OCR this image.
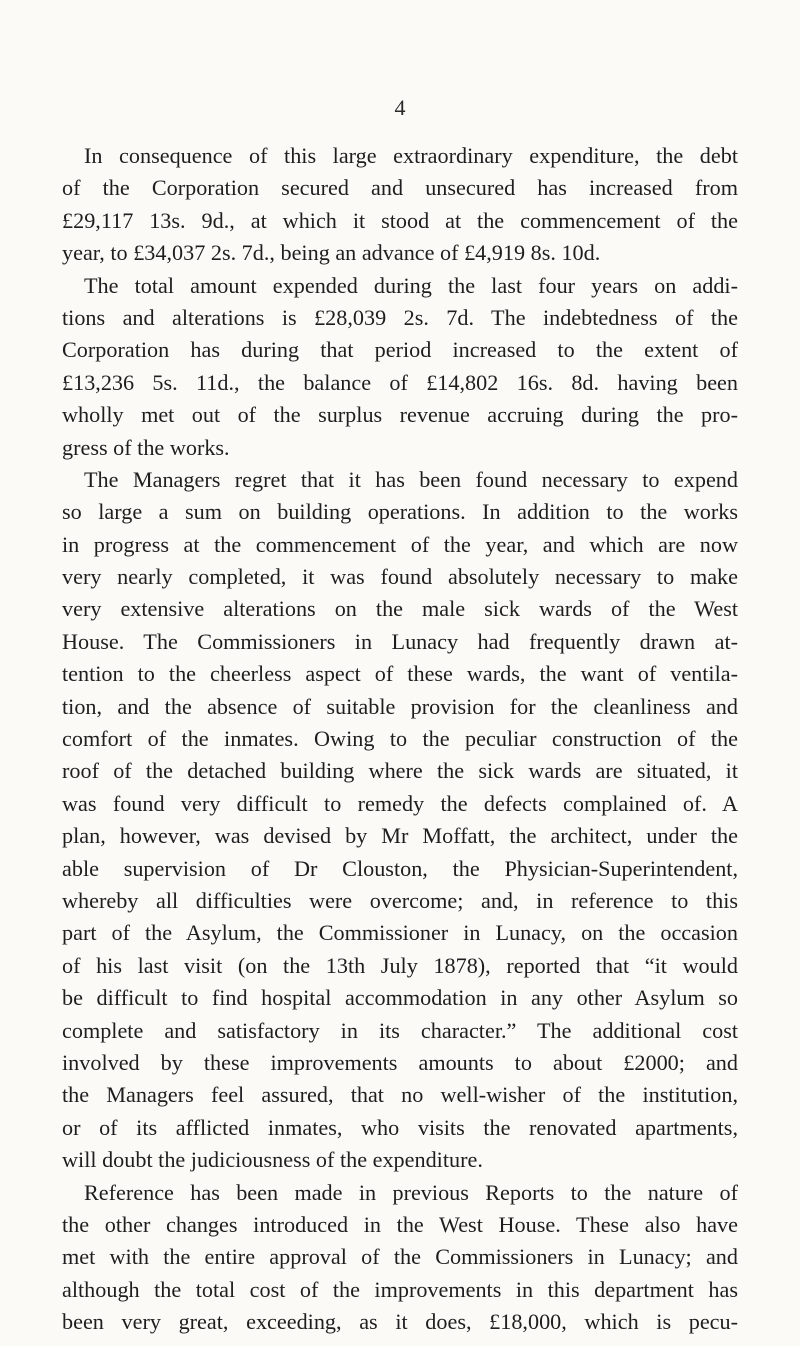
4
In consequence of this large extraordinary expenditure, the debt
of the Corporation secured and unsecured has increased from
£29,117 13s. 9d., at which it stood at the commencement of the
year, to £34,037 2s. 7d., being an advance of £4,919 8s. 10d.
The total amount expended during the last four years on addi-
tions and alterations is £28,039 2s. 7d. The indebtedness of the
Corporation has during that period increased to the extent of
£13,236 5s. 11d., the balance of £14,802 16s. 8d. having been
wholly met out of the surplus revenue accruing during the pro-
gress of the works.
The Managers regret that it has been found necessary to expend
so large a sum on building operations. In addition to the works
in progress at the commencement of the year, and which are now
very nearly completed, it was found absolutely necessary to make
very extensive alterations on the male sick wards of the West
House. The Commissioners in Lunacy had frequently drawn at-
tention to the cheerless aspect of these wards, the want of ventila-
tion, and the absence of suitable provision for the cleanliness and
comfort of the inmates. Owing to the peculiar construction of the
roof of the detached building where the sick wards are situated, it
was found very difficult to remedy the defects complained of. A
plan, however, was devised by Mr Moffatt, the architect, under the
able supervision of Dr Clouston, the Physician-Superintendent,
whereby all difficulties were overcome; and, in reference to this
part of the Asylum, the Commissioner in Lunacy, on the occasion
of his last visit (on the 13th July 1878), reported that “it would
be difficult to find hospital accommodation in any other Asylum so
complete and satisfactory in its character.” The additional cost
involved by these improvements amounts to about £2000; and
the Managers feel assured, that no well-wisher of the institution,
or of its afflicted inmates, who visits the renovated apartments,
will doubt the judiciousness of the expenditure.
Reference has been made in previous Reports to the nature of
the other changes introduced in the West House. These also have
met with the entire approval of the Commissioners in Lunacy; and
although the total cost of the improvements in this department has
been very great, exceeding, as it does, £18,000, which is pecu-
